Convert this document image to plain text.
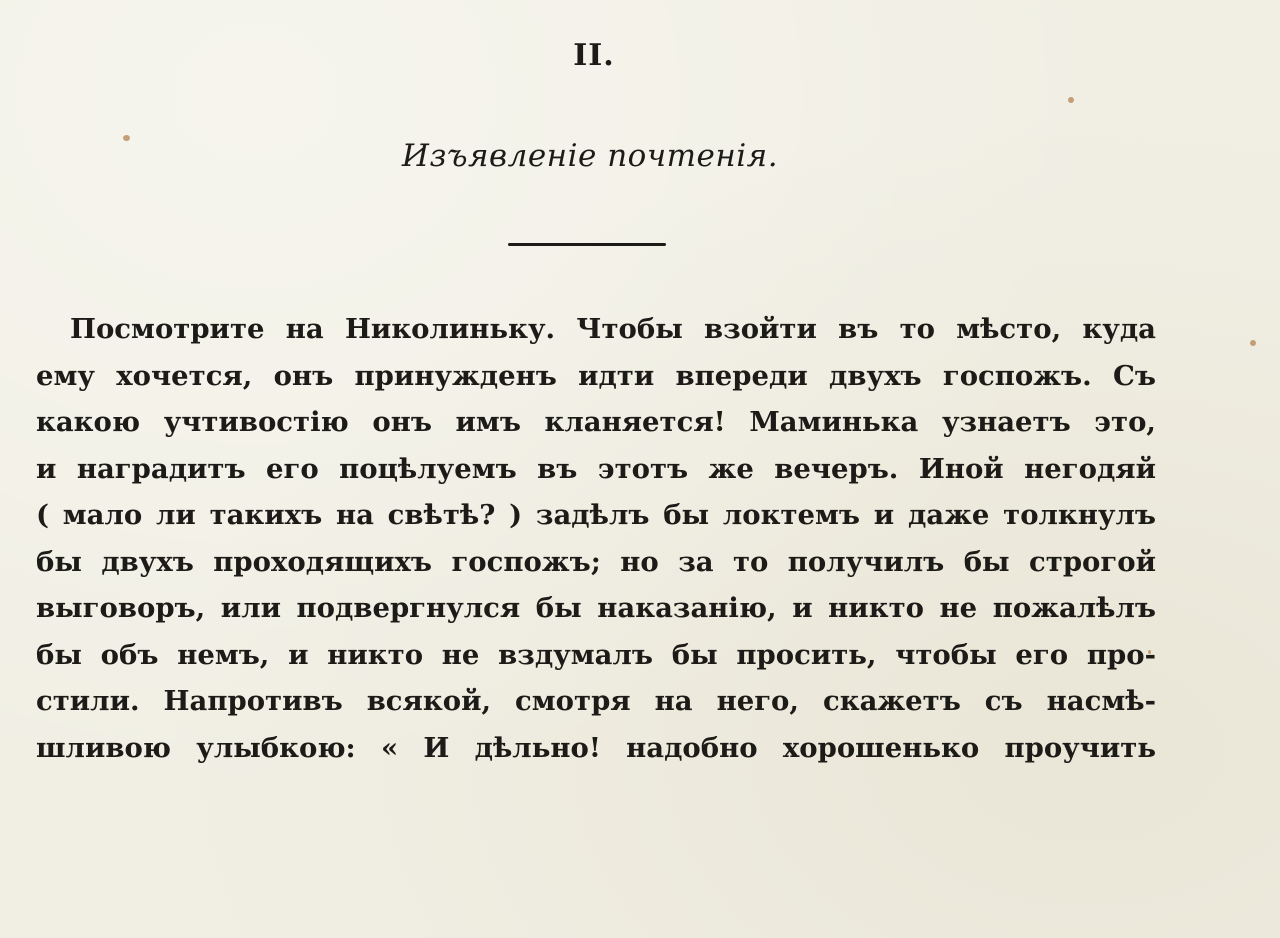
II.
Изъявленіе почтенія.
Посмотрите на Николиньку. Чтобы взойти въ то мѣсто, куда
ему хочется, онъ принужденъ идти впереди двухъ госпожъ. Съ
какою учтивостію онъ имъ кланяется! Маминька узнаетъ это,
и наградитъ его поцѣлуемъ въ этотъ же вечеръ. Иной негодяй
( мало ли такихъ на свѣтѣ? ) задѣлъ бы локтемъ и даже толкнулъ
бы двухъ проходящихъ госпожъ; но за то получилъ бы строгой
выговоръ, или подвергнулся бы наказанію, и никто не пожалѣлъ
бы объ немъ, и никто не вздумалъ бы просить, чтобы его про-
стили. Напротивъ всякой, смотря на него, скажетъ съ насмѣ-
шливою улыбкою: « И дѣльно! надобно хорошенько проучить
